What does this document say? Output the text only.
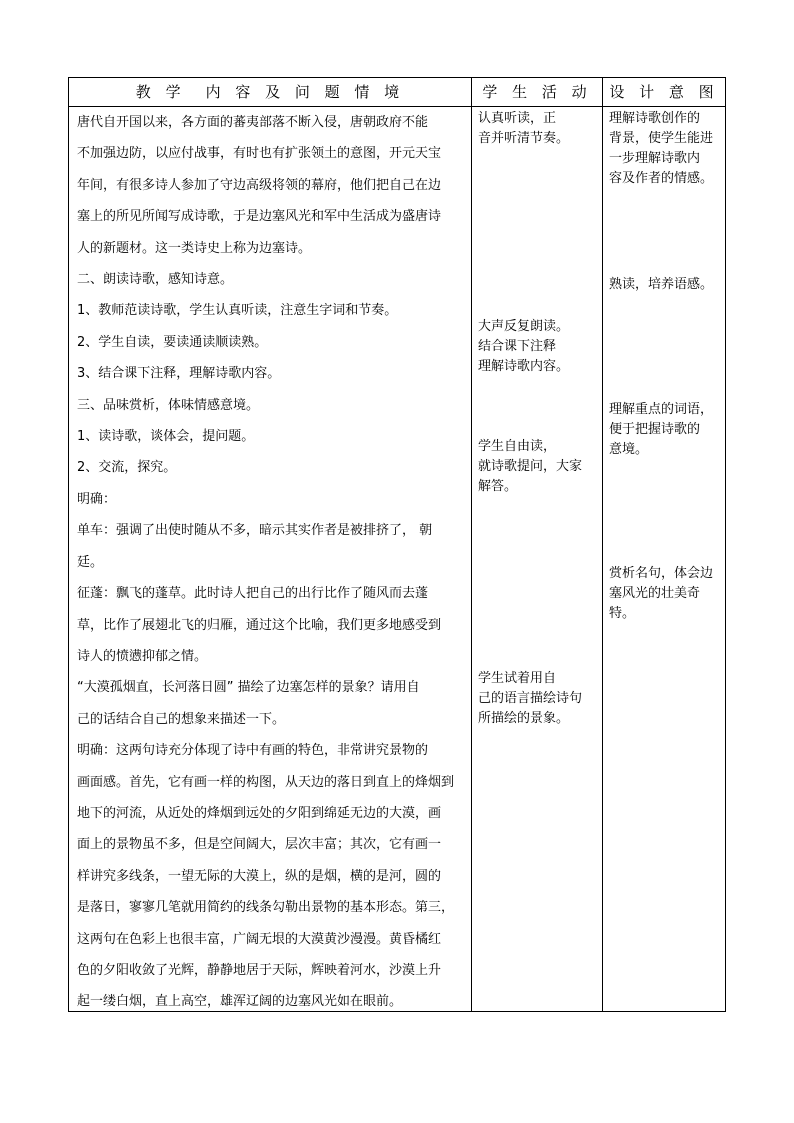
教 学　内 容 及 问 题 情 境	学 生 活 动	设 计 意 图

唐代自开国以来，各方面的蕃夷部落不断入侵，唐朝政府不能

不加强边防，以应付战事，有时也有扩张领土的意图，开元天宝

年间，有很多诗人参加了守边高级将领的幕府，他们把自己在边

塞上的所见所闻写成诗歌，于是边塞风光和军中生活成为盛唐诗

人的新题材。这一类诗史上称为边塞诗。

二、朗读诗歌，感知诗意。

1、教师范读诗歌，学生认真听读，注意生字词和节奏。

2、学生自读，要读通读顺读熟。

3、结合课下注释，理解诗歌内容。

三、品味赏析，体味情感意境。

1、读诗歌，谈体会，提问题。

2、交流，探究。

明确：

单车：强调了出使时随从不多，暗示其实作者是被排挤了， 朝

廷。

征蓬：飘飞的蓬草。此时诗人把自己的出行比作了随风而去蓬

草，比作了展翅北飞的归雁，通过这个比喻，我们更多地感受到

诗人的愤懑抑郁之情。

“大漠孤烟直，长河落日圆” 描绘了边塞怎样的景象？请用自

己的话结合自己的想象来描述一下。

明确：这两句诗充分体现了诗中有画的特色，非常讲究景物的

画面感。首先，它有画一样的构图，从天边的落日到直上的烽烟到

地下的河流，从近处的烽烟到远处的夕阳到绵延无边的大漠，画

面上的景物虽不多，但是空间阔大，层次丰富；其次，它有画一

样讲究多线条，一望无际的大漠上，纵的是烟，横的是河，圆的

是落日，寥寥几笔就用简约的线条勾勒出景物的基本形态。第三，

这两句在色彩上也很丰富，广阔无垠的大漠黄沙漫漫。黄昏橘红

色的夕阳收敛了光辉，静静地居于天际，辉映着河水，沙漠上升

起一缕白烟，直上高空，雄浑辽阔的边塞风光如在眼前。

认真听读，正

音并听清节奏。

大声反复朗读。

结合课下注释

理解诗歌内容。

学生自由读，

就诗歌提问，大家

解答。

学生试着用自

己的语言描绘诗句

所描绘的景象。

理解诗歌创作的

背景，使学生能进

一步理解诗歌内

容及作者的情感。

熟读，培养语感。

理解重点的词语，

便于把握诗歌的

意境。

赏析名句，体会边

塞风光的壮美奇

特。
